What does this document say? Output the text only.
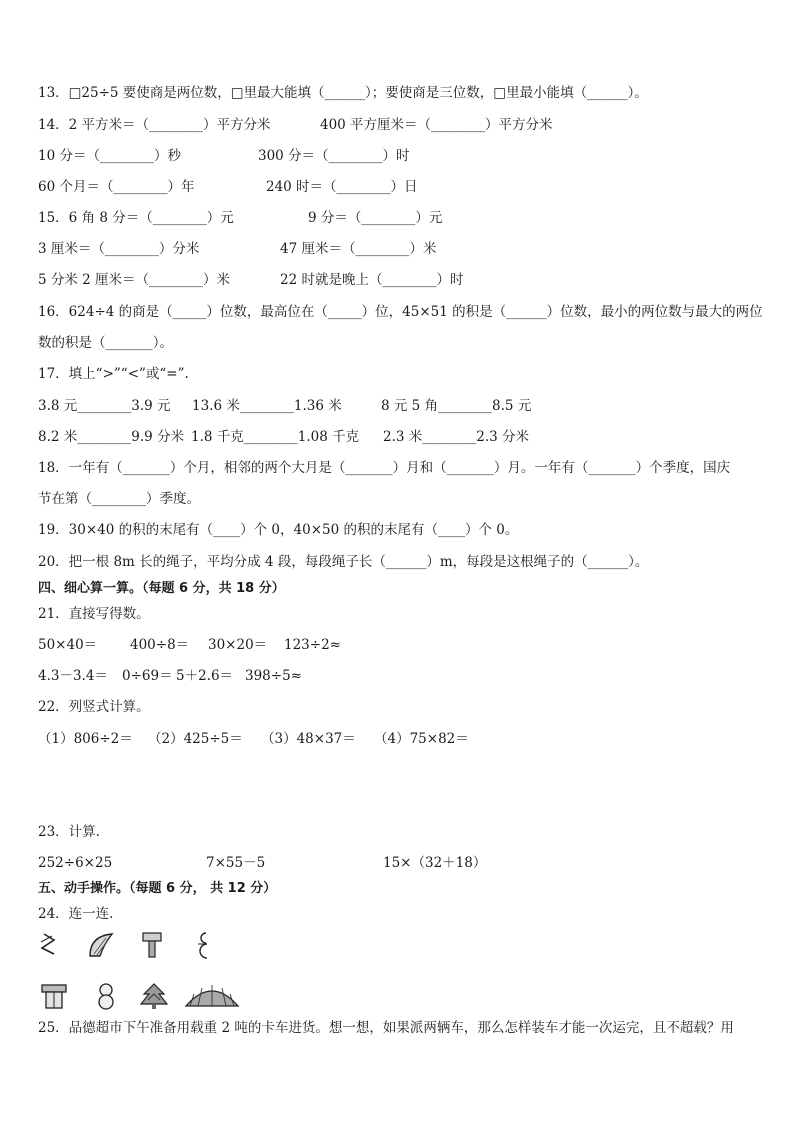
13．□25÷5 要使商是两位数，□里最大能填（______）；要使商是三位数，□里最小能填（______）。
14．2 平方米＝（________）平方分米	400 平方厘米＝（________）平方分米
10 分＝（________）秒	300 分＝（________）时
60 个月＝（________）年	240 时＝（________）日
15．6 角 8 分＝（________）元	9 分＝（________）元
3 厘米＝（________）分米	47 厘米＝（________）米
5 分米 2 厘米＝（________）米	22 时就是晚上（________）时
16．624÷4 的商是（_____）位数，最高位在（_____）位，45×51 的积是（______）位数，最小的两位数与最大的两位
数的积是（_______）。
17．填上“>”“<”或“=”.
3.8 元________3.9 元 13.6 米________1.36 米	8 元 5 角________8.5 元
8.2 米________9.9 分米 1.8 千克________1.08 千克 2.3 米________2.3 分米
18．一年有（_______）个月，相邻的两个大月是（_______）月和（_______）月。一年有（_______）个季度，国庆
节在第（________）季度。
19．30×40 的积的末尾有（____）个 0，40×50 的积的末尾有（____）个 0。
20．把一根 8m 长的绳子，平均分成 4 段，每段绳子长（______）m，每段是这根绳子的（______）。
四、细心算一算。（每题 6 分，共 18 分）
21．直接写得数。
50×40＝ 400÷8＝ 30×20＝ 123÷2≈
4.3－3.4＝ 0÷69＝ 5＋2.6＝ 398÷5≈
22．列竖式计算。
（1）806÷2＝ （2）425÷5＝ （3）48×37＝ （4）75×82＝
23．计算.
252÷6×25	7×55－5	15×（32＋18）
五、动手操作。（每题 6 分， 共 12 分）
24．连一连.
25．品德超市下午准备用载重 2 吨的卡车进货。想一想，如果派两辆车，那么怎样装车才能一次运完，且不超载？用
